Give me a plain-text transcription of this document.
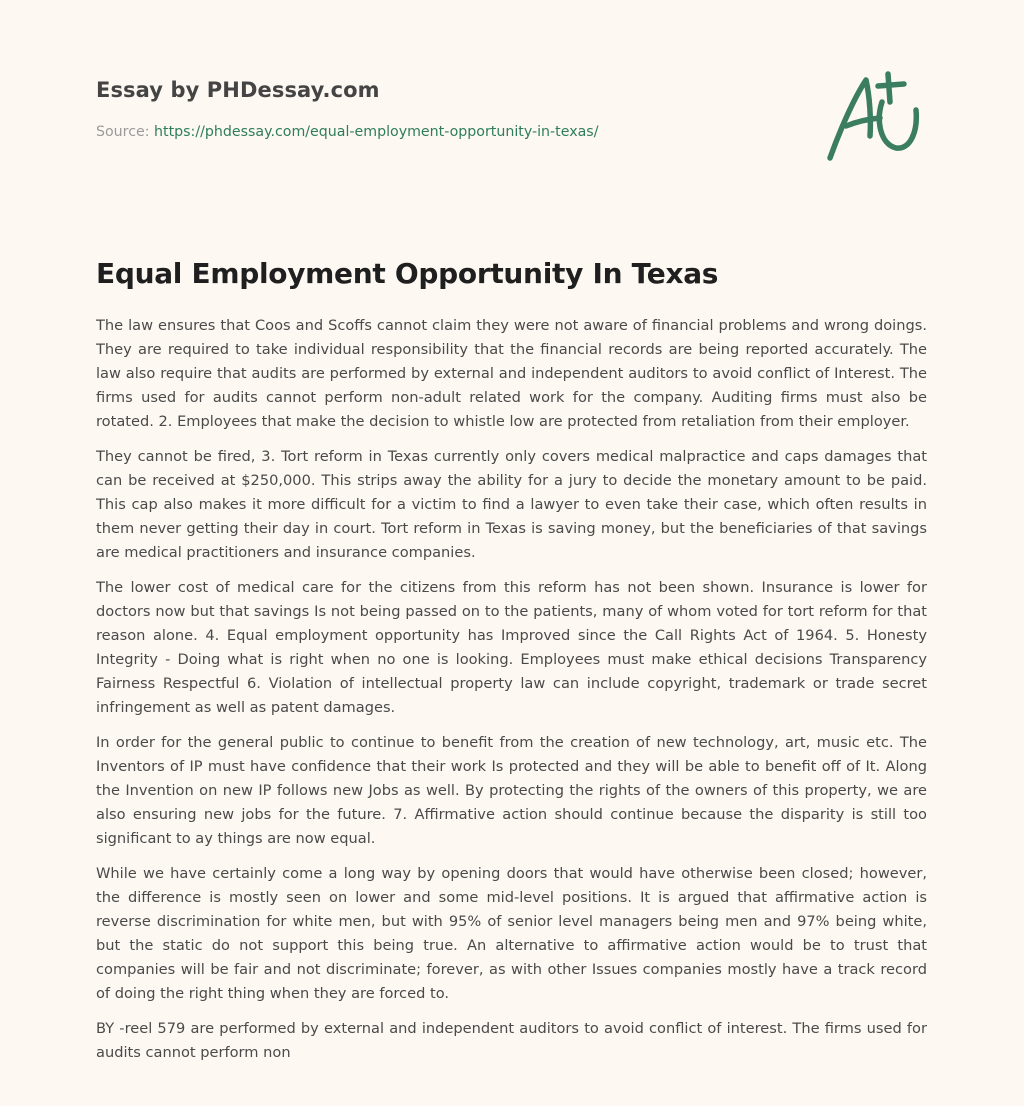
Essay by PHDessay.com
Source: https://phdessay.com/equal-employment-opportunity-in-texas/
Equal Employment Opportunity In Texas

The law ensures that Coos and Scoffs cannot claim they were not aware of financial problems and wrong doings. They are required to take individual responsibility that the financial records are being reported accurately. The law also require that audits are performed by external and independent auditors to avoid conflict of Interest. The firms used for audits cannot perform non-adult related work for the company. Auditing firms must also be rotated. 2. Employees that make the decision to whistle low are protected from retaliation from their employer.

They cannot be fired, 3. Tort reform in Texas currently only covers medical malpractice and caps damages that can be received at $250,000. This strips away the ability for a jury to decide the monetary amount to be paid. This cap also makes it more difficult for a victim to find a lawyer to even take their case, which often results in them never getting their day in court. Tort reform in Texas is saving money, but the beneficiaries of that savings are medical practitioners and insurance companies.

The lower cost of medical care for the citizens from this reform has not been shown. Insurance is lower for doctors now but that savings Is not being passed on to the patients, many of whom voted for tort reform for that reason alone. 4. Equal employment opportunity has Improved since the Call Rights Act of 1964. 5. Honesty Integrity - Doing what is right when no one is looking. Employees must make ethical decisions Transparency Fairness Respectful 6. Violation of intellectual property law can include copyright, trademark or trade secret infringement as well as patent damages.

In order for the general public to continue to benefit from the creation of new technology, art, music etc. The Inventors of IP must have confidence that their work Is protected and they will be able to benefit off of It. Along the Invention on new IP follows new Jobs as well. By protecting the rights of the owners of this property, we are also ensuring new jobs for the future. 7. Affirmative action should continue because the disparity is still too significant to ay things are now equal.

While we have certainly come a long way by opening doors that would have otherwise been closed; however, the difference is mostly seen on lower and some mid-level positions. It is argued that affirmative action is reverse discrimination for white men, but with 95% of senior level managers being men and 97% being white, but the static do not support this being true. An alternative to affirmative action would be to trust that companies will be fair and not discriminate; forever, as with other Issues companies mostly have a track record of doing the right thing when they are forced to.

BY -reel 579 are performed by external and independent auditors to avoid conflict of interest. The firms used for audits cannot perform non
